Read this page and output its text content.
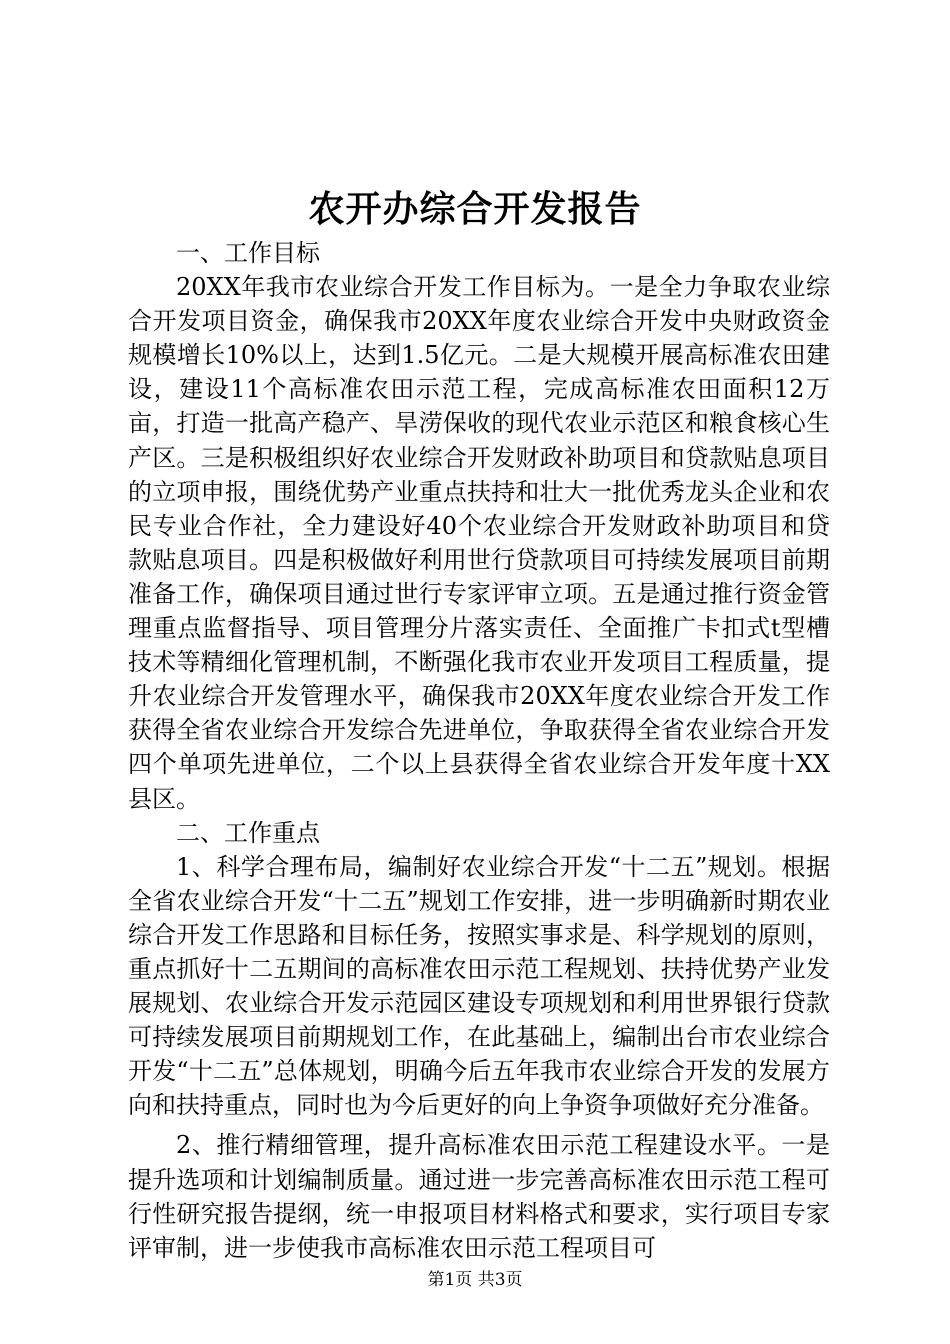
农开办综合开发报告

一、工作目标

20XX年我市农业综合开发工作目标为。一是全力争取农业综合开发项目资金，确保我市20XX年度农业综合开发中央财政资金规模增长10%以上，达到1.5亿元。二是大规模开展高标准农田建设，建设11个高标准农田示范工程，完成高标准农田面积12万亩，打造一批高产稳产、旱涝保收的现代农业示范区和粮食核心生产区。三是积极组织好农业综合开发财政补助项目和贷款贴息项目的立项申报，围绕优势产业重点扶持和壮大一批优秀龙头企业和农民专业合作社，全力建设好40个农业综合开发财政补助项目和贷款贴息项目。四是积极做好利用世行贷款项目可持续发展项目前期准备工作，确保项目通过世行专家评审立项。五是通过推行资金管理重点监督指导、项目管理分片落实责任、全面推广卡扣式t型槽技术等精细化管理机制，不断强化我市农业开发项目工程质量，提升农业综合开发管理水平，确保我市20XX年度农业综合开发工作获得全省农业综合开发综合先进单位，争取获得全省农业综合开发四个单项先进单位，二个以上县获得全省农业综合开发年度十XX县区。

二、工作重点

1、科学合理布局，编制好农业综合开发“十二五”规划。根据全省农业综合开发“十二五”规划工作安排，进一步明确新时期农业综合开发工作思路和目标任务，按照实事求是、科学规划的原则，重点抓好十二五期间的高标准农田示范工程规划、扶持优势产业发展规划、农业综合开发示范园区建设专项规划和利用世界银行贷款可持续发展项目前期规划工作，在此基础上，编制出台市农业综合开发“十二五”总体规划，明确今后五年我市农业综合开发的发展方向和扶持重点，同时也为今后更好的向上争资争项做好充分准备。

2、推行精细管理，提升高标准农田示范工程建设水平。一是提升选项和计划编制质量。通过进一步完善高标准农田示范工程可行性研究报告提纲，统一申报项目材料格式和要求，实行项目专家评审制，进一步使我市高标准农田示范工程项目可

第1页 共3页
